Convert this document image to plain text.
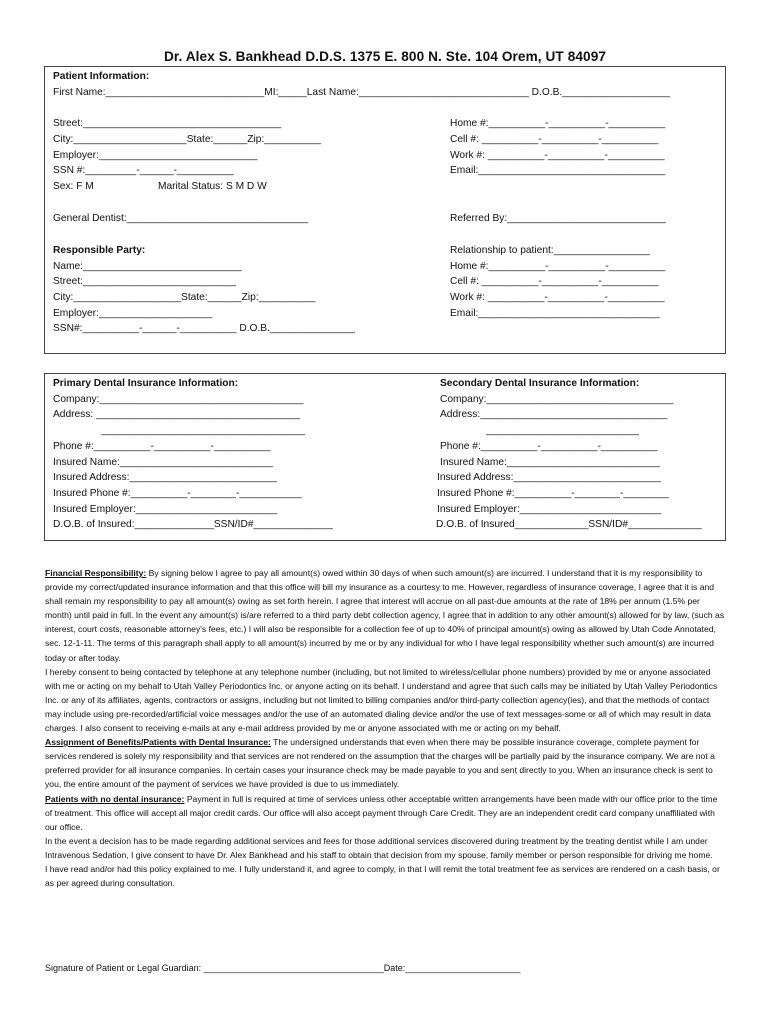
Dr. Alex S. Bankhead D.D.S. 1375 E. 800 N. Ste. 104 Orem, UT 84097
Patient Information:
First Name:____________________________MI:_____Last Name:______________________________ D.O.B.___________________
Street:___________________________________
City:____________________State:______Zip:__________
Employer:____________________________
SSN #:_________-______-__________
Sex: F M	Marital Status: S M D W
Home #:__________-__________-__________
Cell #: __________-__________-__________
Work #: __________-__________-__________
Email:_________________________________
General Dentist:________________________________	Referred By:____________________________
Responsible Party:
Name:____________________________
Street:___________________________
City:___________________State:______Zip:__________
Employer:____________________
SSN#:__________-______-__________ D.O.B._______________
Relationship to patient:_________________
Home #:__________-__________-__________
Cell #: __________-__________-__________
Work #: __________-__________-__________
Email:________________________________
Primary Dental Insurance Information:
Company:____________________________________
Address: ____________________________________
____________________________________
Phone #:__________-__________-__________
Insured Name:___________________________
Insured Address:__________________________
Insured Phone #:__________-________-___________
Insured Employer:_________________________
D.O.B. of Insured:______________SSN/ID#______________
Secondary Dental Insurance Information:
Company:_________________________________
Address:_________________________________
___________________________
Phone #:__________-__________-__________
Insured Name:___________________________
Insured Address:__________________________
Insured Phone #:__________-________-________
Insured Employer:_________________________
D.O.B. of Insured_____________SSN/ID#_____________

Financial Responsibility: By signing below I agree to pay all amount(s) owed within 30 days of when such amount(s) are incurred. I understand that it is my responsibility to provide my correct/updated insurance information and that this office will bill my insurance as a courtesy to me. However, regardless of insurance coverage, I agree that it is and shall remain my responsibility to pay all amount(s) owing as set forth herein. I agree that interest will accrue on all past-due amounts at the rate of 18% per annum (1.5% per month) until paid in full. In the event any amount(s) is/are referred to a third party debt collection agency, I agree that in addition to any other amount(s) allowed for by law, (such as interest, court costs, reasonable attorney's fees, etc.) I will also be responsible for a collection fee of up to 40% of principal amount(s) owing as allowed by Utah Code Annotated, sec. 12-1-11. The terms of this paragraph shall apply to all amount(s) incurred by me or by any individual for who I have legal responsibility whether such amount(s) are incurred today or after today.

I hereby consent to being contacted by telephone at any telephone number (including, but not limited to wireless/cellular phone numbers) provided by me or anyone associated with me or acting on my behalf to Utah Valley Periodontics Inc. or anyone acting on its behalf. I understand and agree that such calls may be initiated by Utah Valley Periodontics Inc. or any of its affiliates, agents, contractors or assigns, including but not limited to billing companies and/or third-party collection agency(ies), and that the methods of contact may include using pre-recorded/artificial voice messages and/or the use of an automated dialing device and/or the use of text messages-some or all of which may result in data charges. I also consent to receiving e-mails at any e-mail address provided by me or anyone associated with me or acting on my behalf.

Assignment of Benefits/Patients with Dental Insurance: The undersigned understands that even when there may be possible insurance coverage, complete payment for services rendered is solely my responsibility and that services are not rendered on the assumption that the charges will be partially paid by the insurance company. We are not a preferred provider for all insurance companies. In certain cases your insurance check may be made payable to you and sent directly to you. When an insurance check is sent to you, the entire amount of the payment of services we have provided is due to us immediately.

Patients with no dental insurance: Payment in full is required at time of services unless other acceptable written arrangements have been made with our office prior to the time of treatment. This office will accept all major credit cards. Our office will also accept payment through Care Credit. They are an independent credit card company unaffiliated with our office.

In the event a decision has to be made regarding additional services and fees for those additional services discovered during treatment by the treating dentist while I am under Intravenous Sedation, I give consent to have Dr. Alex Bankhead and his staff to obtain that decision from my spouse, family member or person responsible for driving me home.

I have read and/or had this policy explained to me. I fully understand it, and agree to comply, in that I will remit the total treatment fee as services are rendered on a cash basis, or as per agreed during consultation.

Signature of Patient or Legal Guardian: ____________________________________Date:_______________________
